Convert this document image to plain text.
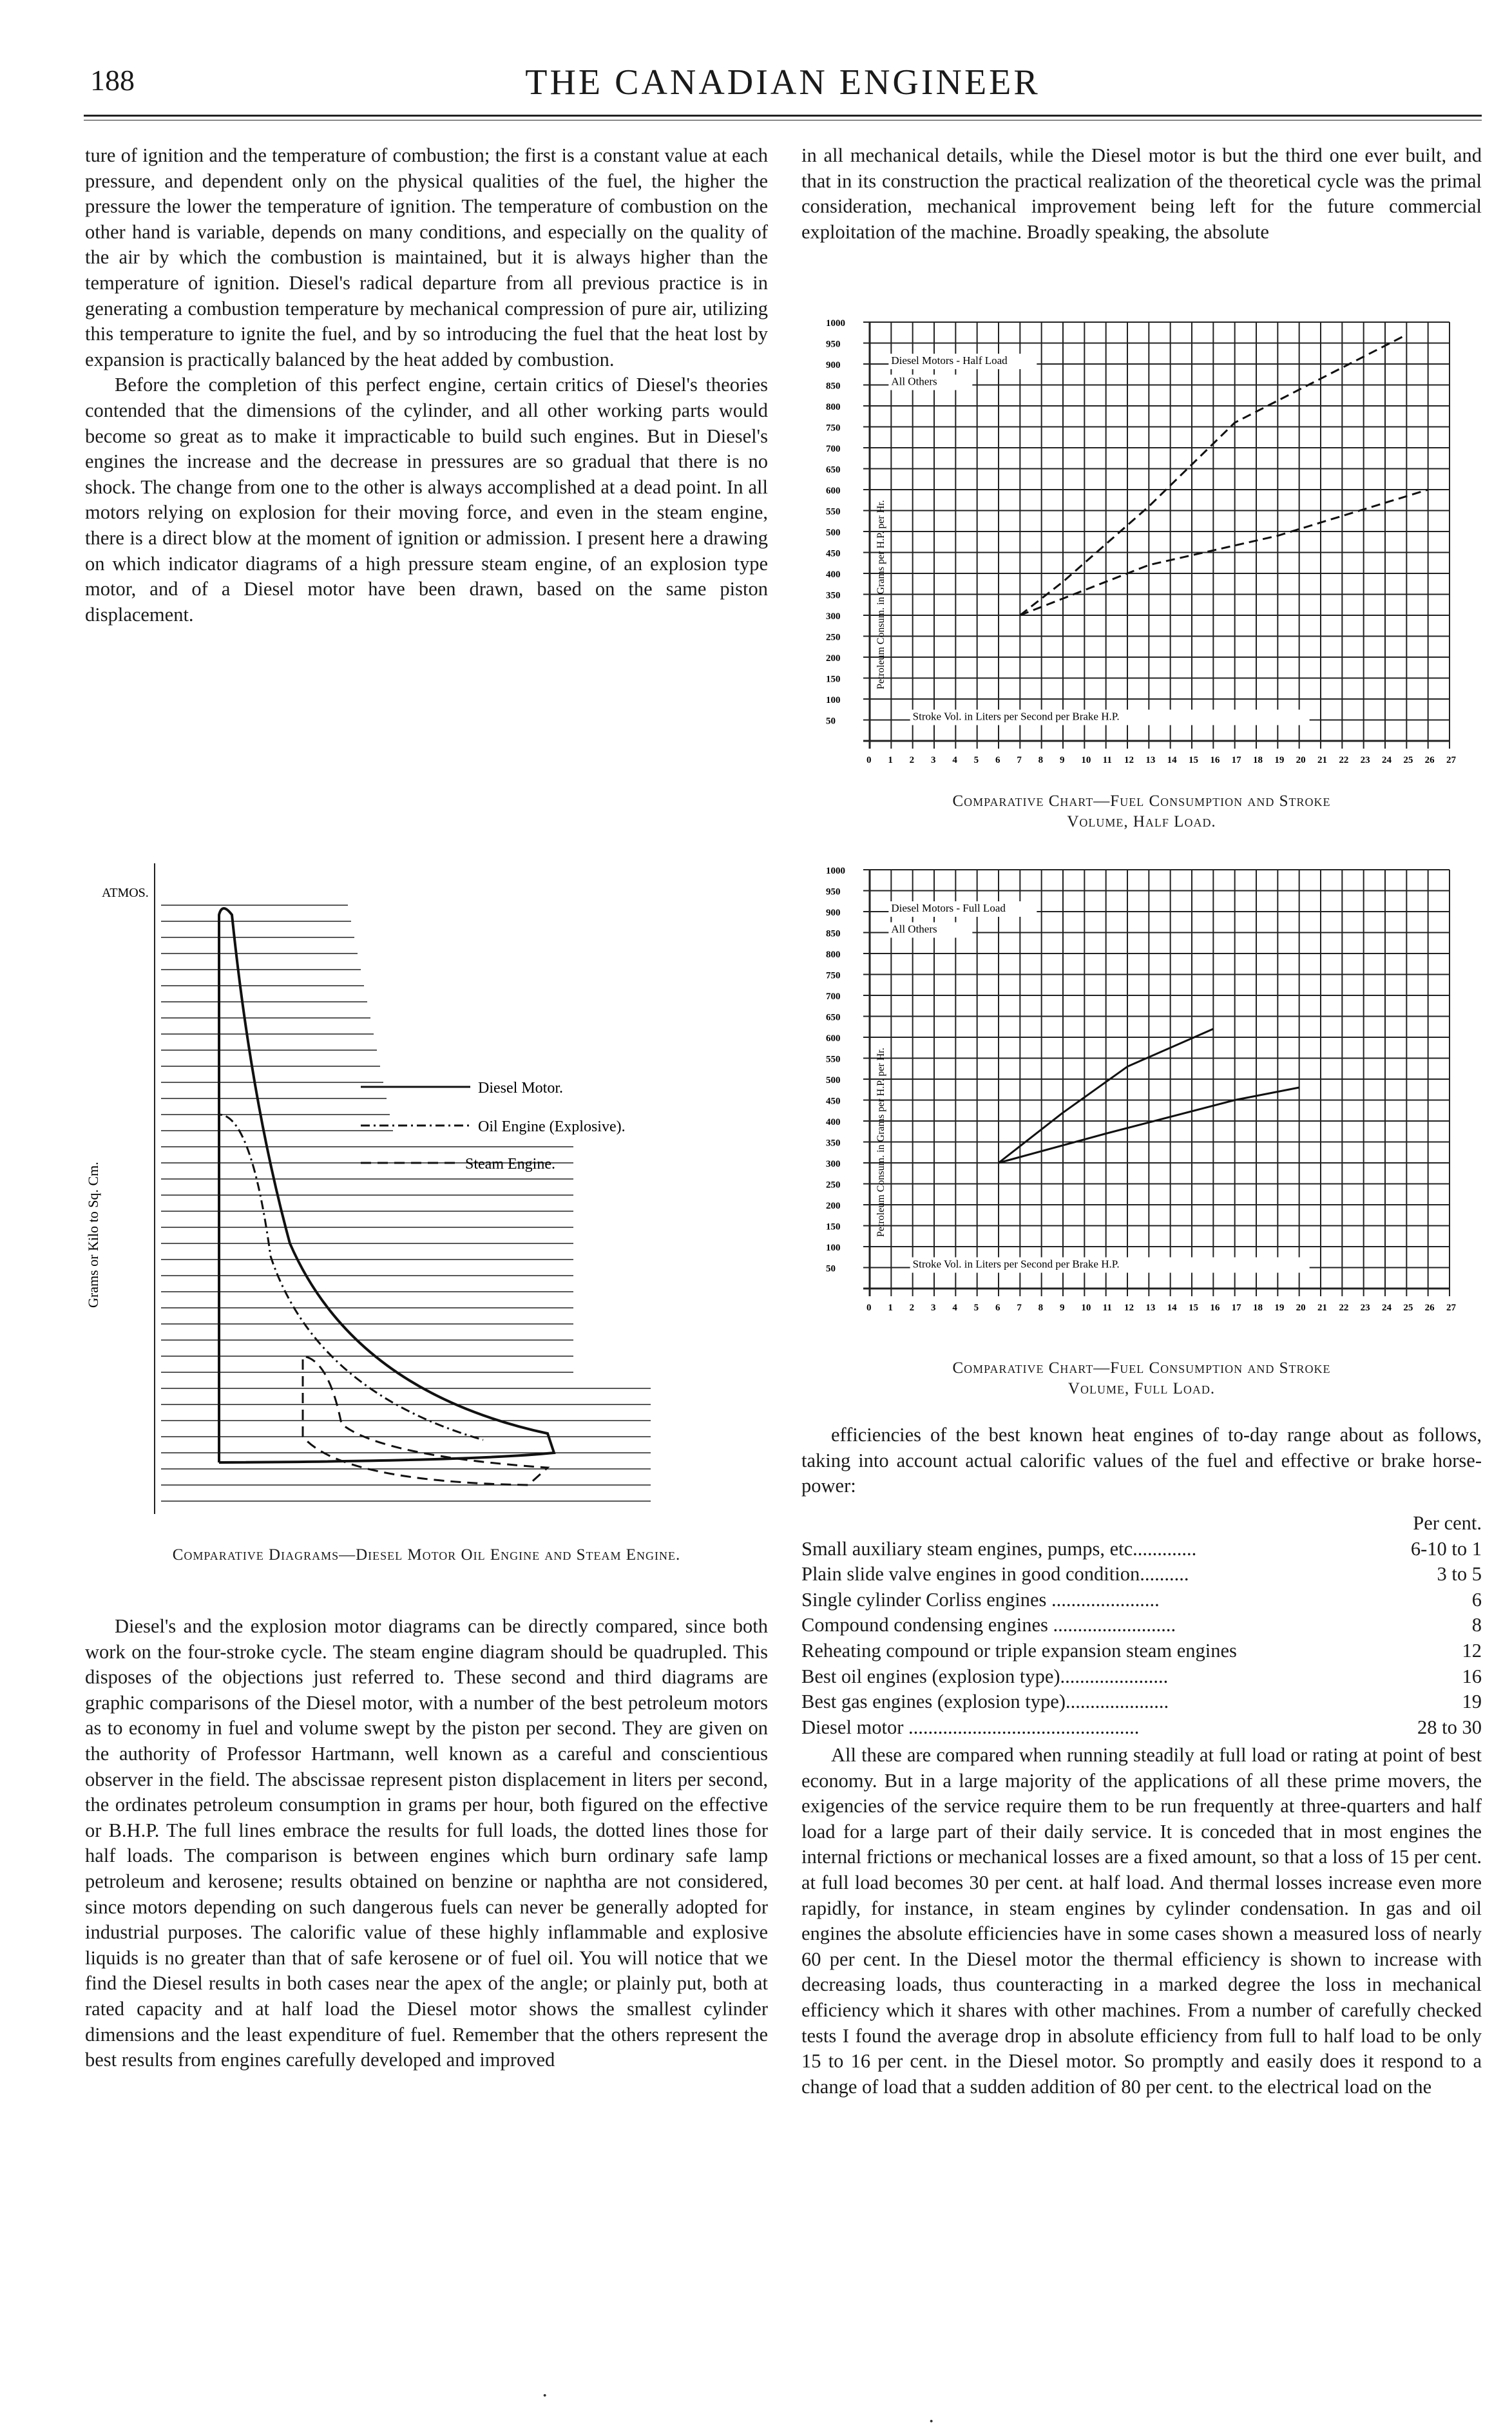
188	THE CANADIAN ENGINEER

ture of ignition and the temperature of combustion; the first is a constant value at each pressure, and dependent only on the physical qualities of the fuel, the higher the pressure the lower the temperature of ignition. The temperature of combustion on the other hand is variable, depends on many conditions, and especially on the quality of the air by which the combustion is maintained, but it is always higher than the temperature of ignition. Diesel's radical departure from all previous practice is in generating a combustion temperature by mechanical compression of pure air, utilizing this temperature to ignite the fuel, and by so introducing the fuel that the heat lost by expansion is practically balanced by the heat added by combustion.

Before the completion of this perfect engine, certain critics of Diesel's theories contended that the dimensions of the cylinder, and all other working parts would become so great as to make it impracticable to build such engines. But in Diesel's engines the increase and the decrease in pressures are so gradual that there is no shock. The change from one to the other is always accomplished at a dead point. In all motors relying on explosion for their moving force, and even in the steam engine, there is a direct blow at the moment of ignition or admission. I present here a drawing on which indicator diagrams of a high pressure steam engine, of an explosion type motor, and of a Diesel motor have been drawn, based on the same piston displacement.

ATMOS.
Grams or Kilo to Sq. Cm.
Diesel Motor.
Oil Engine (Explosive).
Steam Engine.
Comparative Diagrams—Diesel Motor Oil Engine and Steam Engine.

Diesel's and the explosion motor diagrams can be directly compared, since both work on the four-stroke cycle. The steam engine diagram should be quadrupled. This disposes of the objections just referred to. These second and third diagrams are graphic comparisons of the Diesel motor, with a number of the best petroleum motors as to economy in fuel and volume swept by the piston per second. They are given on the authority of Professor Hartmann, well known as a careful and conscientious observer in the field. The abscissae represent piston displacement in liters per second, the ordinates petroleum consumption in grams per hour, both figured on the effective or B.H.P. The full lines embrace the results for full loads, the dotted lines those for half loads. The comparison is between engines which burn ordinary safe lamp petroleum and kerosene; results obtained on benzine or naphtha are not considered, since motors depending on such dangerous fuels can never be generally adopted for industrial purposes. The calorific value of these highly inflammable and explosive liquids is no greater than that of safe kerosene or of fuel oil. You will notice that we find the Diesel results in both cases near the apex of the angle; or plainly put, both at rated capacity and at half load the Diesel motor shows the smallest cylinder dimensions and the least expenditure of fuel. Remember that the others represent the best results from engines carefully developed and improved

in all mechanical details, while the Diesel motor is but the third one ever built, and that in its construction the practical realization of the theoretical cycle was the primal consideration, mechanical improvement being left for the future commercial exploitation of the machine. Broadly speaking, the absolute

1000
950
900
850
800
750
700
650
600
550
500
450
400
350
300
250
200
150
100
50
0 1 2 3 4 5 6 7 8 9 10 11 12 13 14 15 16 17 18 19 20 21 22 23 24 25 26 27
Petroleum Consum. in Grams per H.P. per Hr.
Diesel Motors - Half Load
All Others
Stroke Vol. in Liters per Second per Brake H.P.
Comparative Chart—Fuel Consumption and Stroke
Volume, Half Load.
1000
950
900
850
800
750
700
650
600
550
500
450
400
350
300
250
200
150
100
50
0 1 2 3 4 5 6 7 8 9 10 11 12 13 14 15 16 17 18 19 20 21 22 23 24 25 26 27
Petroleum Consum. in Grams per H.P. per Hr.
Diesel Motors - Full Load
All Others
Stroke Vol. in Liters per Second per Brake H.P.
Comparative Chart—Fuel Consumption and Stroke
Volume, Full Load.

efficiencies of the best known heat engines of to-day range about as follows, taking into account actual calorific values of the fuel and effective or brake horse-power:

Per cent.
Small auxiliary steam engines, pumps, etc.............	6-10 to 1
Plain slide valve engines in good condition..........	3 to 5
Single cylinder Corliss engines ......................	6
Compound condensing engines .........................	8
Reheating compound or triple expansion steam engines	12
Best oil engines (explosion type)......................	16
Best gas engines (explosion type).....................	19
Diesel motor ...............................................	28 to 30

All these are compared when running steadily at full load or rating at point of best economy. But in a large majority of the applications of all these prime movers, the exigencies of the service require them to be run frequently at three-quarters and half load for a large part of their daily service. It is conceded that in most engines the internal frictions or mechanical losses are a fixed amount, so that a loss of 15 per cent. at full load becomes 30 per cent. at half load. And thermal losses increase even more rapidly, for instance, in steam engines by cylinder condensation. In gas and oil engines the absolute efficiencies have in some cases shown a measured loss of nearly 60 per cent. In the Diesel motor the thermal efficiency is shown to increase with decreasing loads, thus counteracting in a marked degree the loss in mechanical efficiency which it shares with other machines. From a number of carefully checked tests I found the average drop in absolute efficiency from full to half load to be only 15 to 16 per cent. in the Diesel motor. So promptly and easily does it respond to a change of load that a sudden addition of 80 per cent. to the electrical load on the

·
·
